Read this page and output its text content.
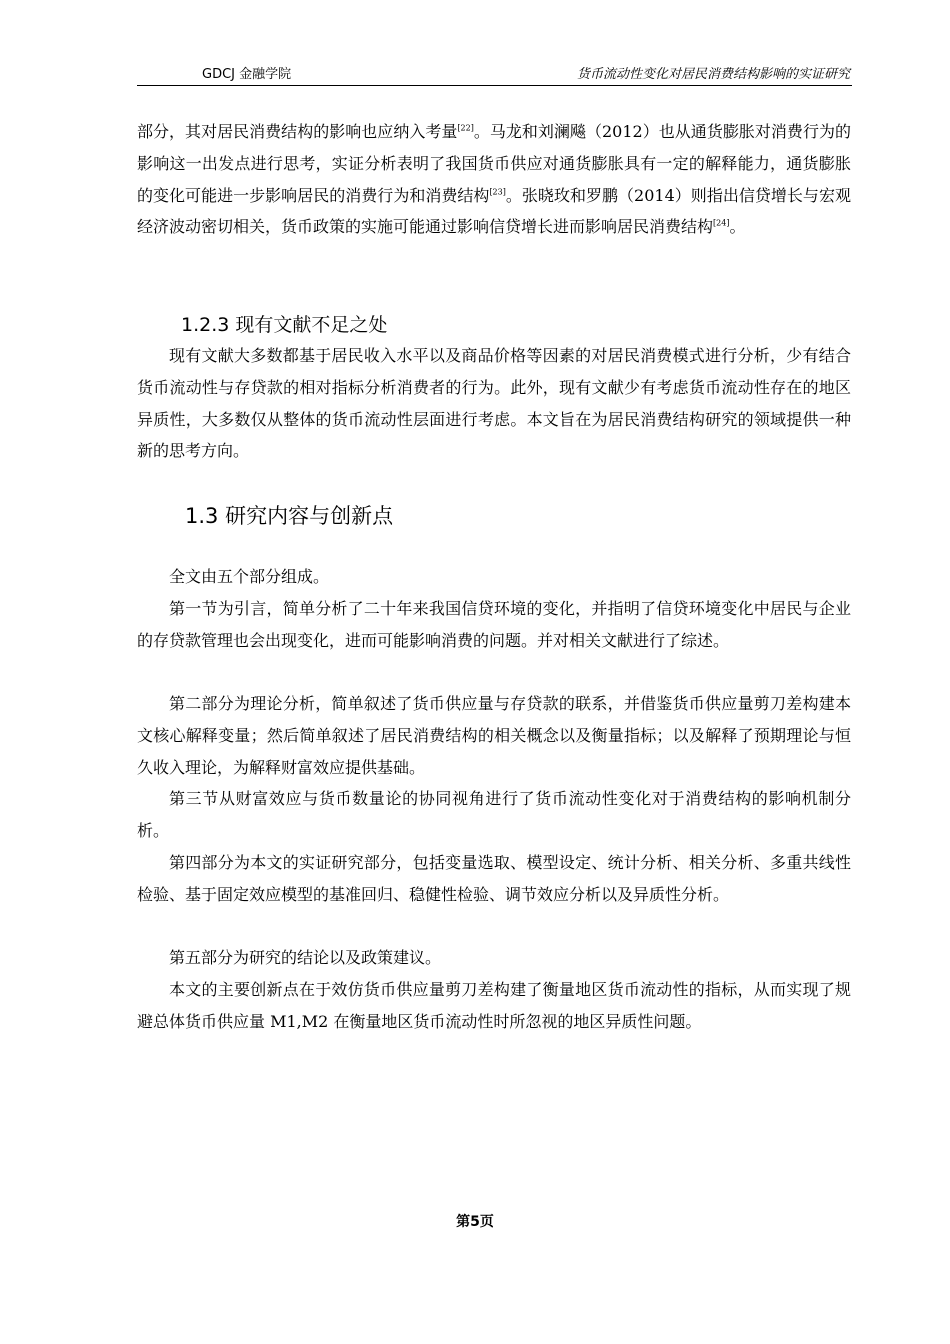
GDCJ 金融学院	货币流动性变化对居民消费结构影响的实证研究

部分，其对居民消费结构的影响也应纳入考量[22]。马龙和刘澜飚（2012）也从通货膨胀对消费行为的影响这一出发点进行思考，实证分析表明了我国货币供应对通货膨胀具有一定的解释能力，通货膨胀的变化可能进一步影响居民的消费行为和消费结构[23]。张晓玫和罗鹏（2014）则指出信贷增长与宏观经济波动密切相关，货币政策的实施可能通过影响信贷增长进而影响居民消费结构[24]。

1.2.3 现有文献不足之处

现有文献大多数都基于居民收入水平以及商品价格等因素的对居民消费模式进行分析，少有结合货币流动性与存贷款的相对指标分析消费者的行为。此外，现有文献少有考虑货币流动性存在的地区异质性，大多数仅从整体的货币流动性层面进行考虑。本文旨在为居民消费结构研究的领域提供一种新的思考方向。

1.3 研究内容与创新点

全文由五个部分组成。

第一节为引言，简单分析了二十年来我国信贷环境的变化，并指明了信贷环境变化中居民与企业的存贷款管理也会出现变化，进而可能影响消费的问题。并对相关文献进行了综述。

第二部分为理论分析，简单叙述了货币供应量与存贷款的联系，并借鉴货币供应量剪刀差构建本文核心解释变量；然后简单叙述了居民消费结构的相关概念以及衡量指标；以及解释了预期理论与恒久收入理论，为解释财富效应提供基础。

第三节从财富效应与货币数量论的协同视角进行了货币流动性变化对于消费结构的影响机制分析。

第四部分为本文的实证研究部分，包括变量选取、模型设定、统计分析、相关分析、多重共线性检验、基于固定效应模型的基准回归、稳健性检验、调节效应分析以及异质性分析。

第五部分为研究的结论以及政策建议。

本文的主要创新点在于效仿货币供应量剪刀差构建了衡量地区货币流动性的指标，从而实现了规避总体货币供应量 M1,M2 在衡量地区货币流动性时所忽视的地区异质性问题。

第5页
